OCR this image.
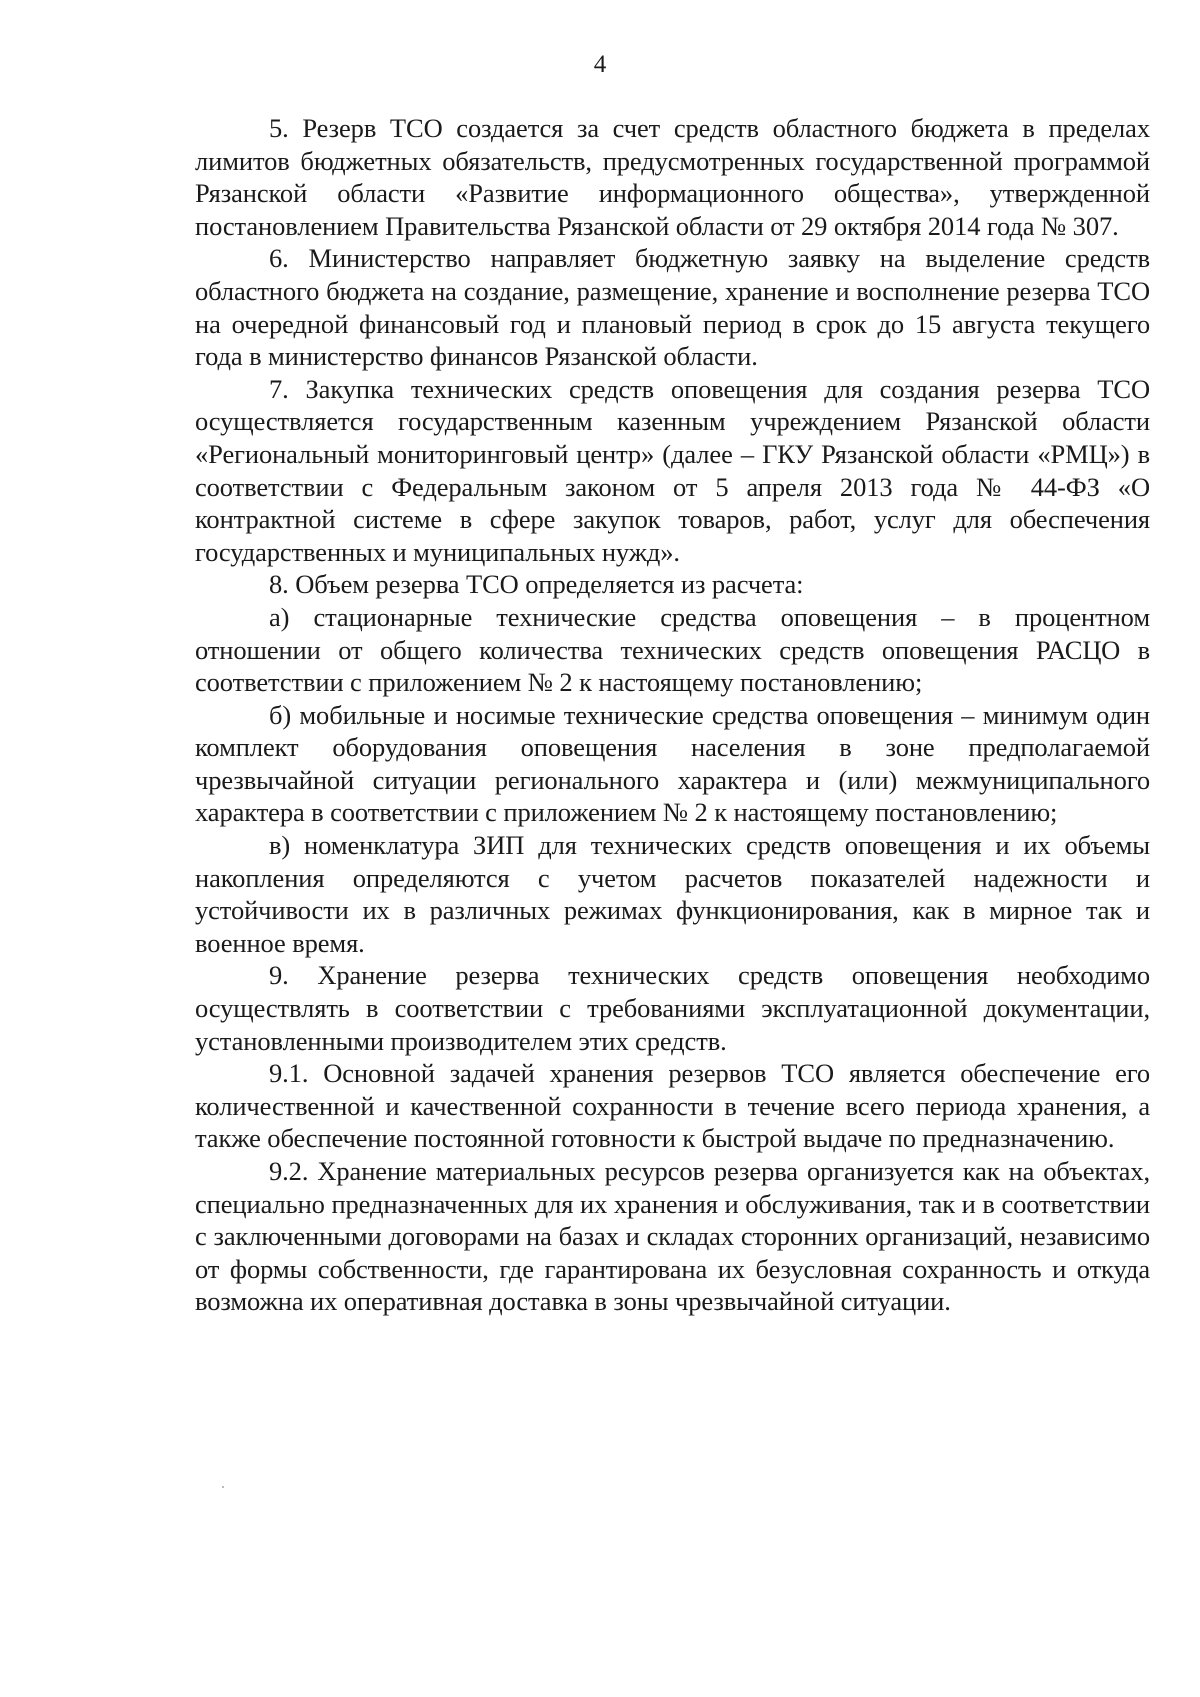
4

5. Резерв ТСО создается за счет средств областного бюджета в пределах лимитов бюджетных обязательств, предусмотренных государственной программой Рязанской области «Развитие информационного общества», утвержденной постановлением Правительства Рязанской области от 29 октября 2014 года № 307.

6. Министерство направляет бюджетную заявку на выделение средств областного бюджета на создание, размещение, хранение и восполнение резерва ТСО на очередной финансовый год и плановый период в срок до 15 августа текущего года в министерство финансов Рязанской области.

7. Закупка технических средств оповещения для создания резерва ТСО осуществляется государственным казенным учреждением Рязанской области «Региональный мониторинговый центр» (далее – ГКУ Рязанской области «РМЦ») в соответствии с Федеральным законом от 5 апреля 2013 года № 44-ФЗ «О контрактной системе в сфере закупок товаров, работ, услуг для обеспечения государственных и муниципальных нужд».

8. Объем резерва ТСО определяется из расчета:

а) стационарные технические средства оповещения – в процентном отношении от общего количества технических средств оповещения РАСЦО в соответствии с приложением № 2 к настоящему постановлению;

б) мобильные и носимые технические средства оповещения – минимум один комплект оборудования оповещения населения в зоне предполагаемой чрезвычайной ситуации регионального характера и (или) межмуниципального характера в соответствии с приложением № 2 к настоящему постановлению;

в) номенклатура ЗИП для технических средств оповещения и их объемы накопления определяются с учетом расчетов показателей надежности и устойчивости их в различных режимах функционирования, как в мирное так и военное время.

9. Хранение резерва технических средств оповещения необходимо осуществлять в соответствии с требованиями эксплуатационной документации, установленными производителем этих средств.

9.1. Основной задачей хранения резервов ТСО является обеспечение его количественной и качественной сохранности в течение всего периода хранения, а также обеспечение постоянной готовности к быстрой выдаче по предназначению.

9.2. Хранение материальных ресурсов резерва организуется как на объектах, специально предназначенных для их хранения и обслуживания, так и в соответствии с заключенными договорами на базах и складах сторонних организаций, независимо от формы собственности, где гарантирована их безусловная сохранность и откуда возможна их оперативная доставка в зоны чрезвычайной ситуации.
